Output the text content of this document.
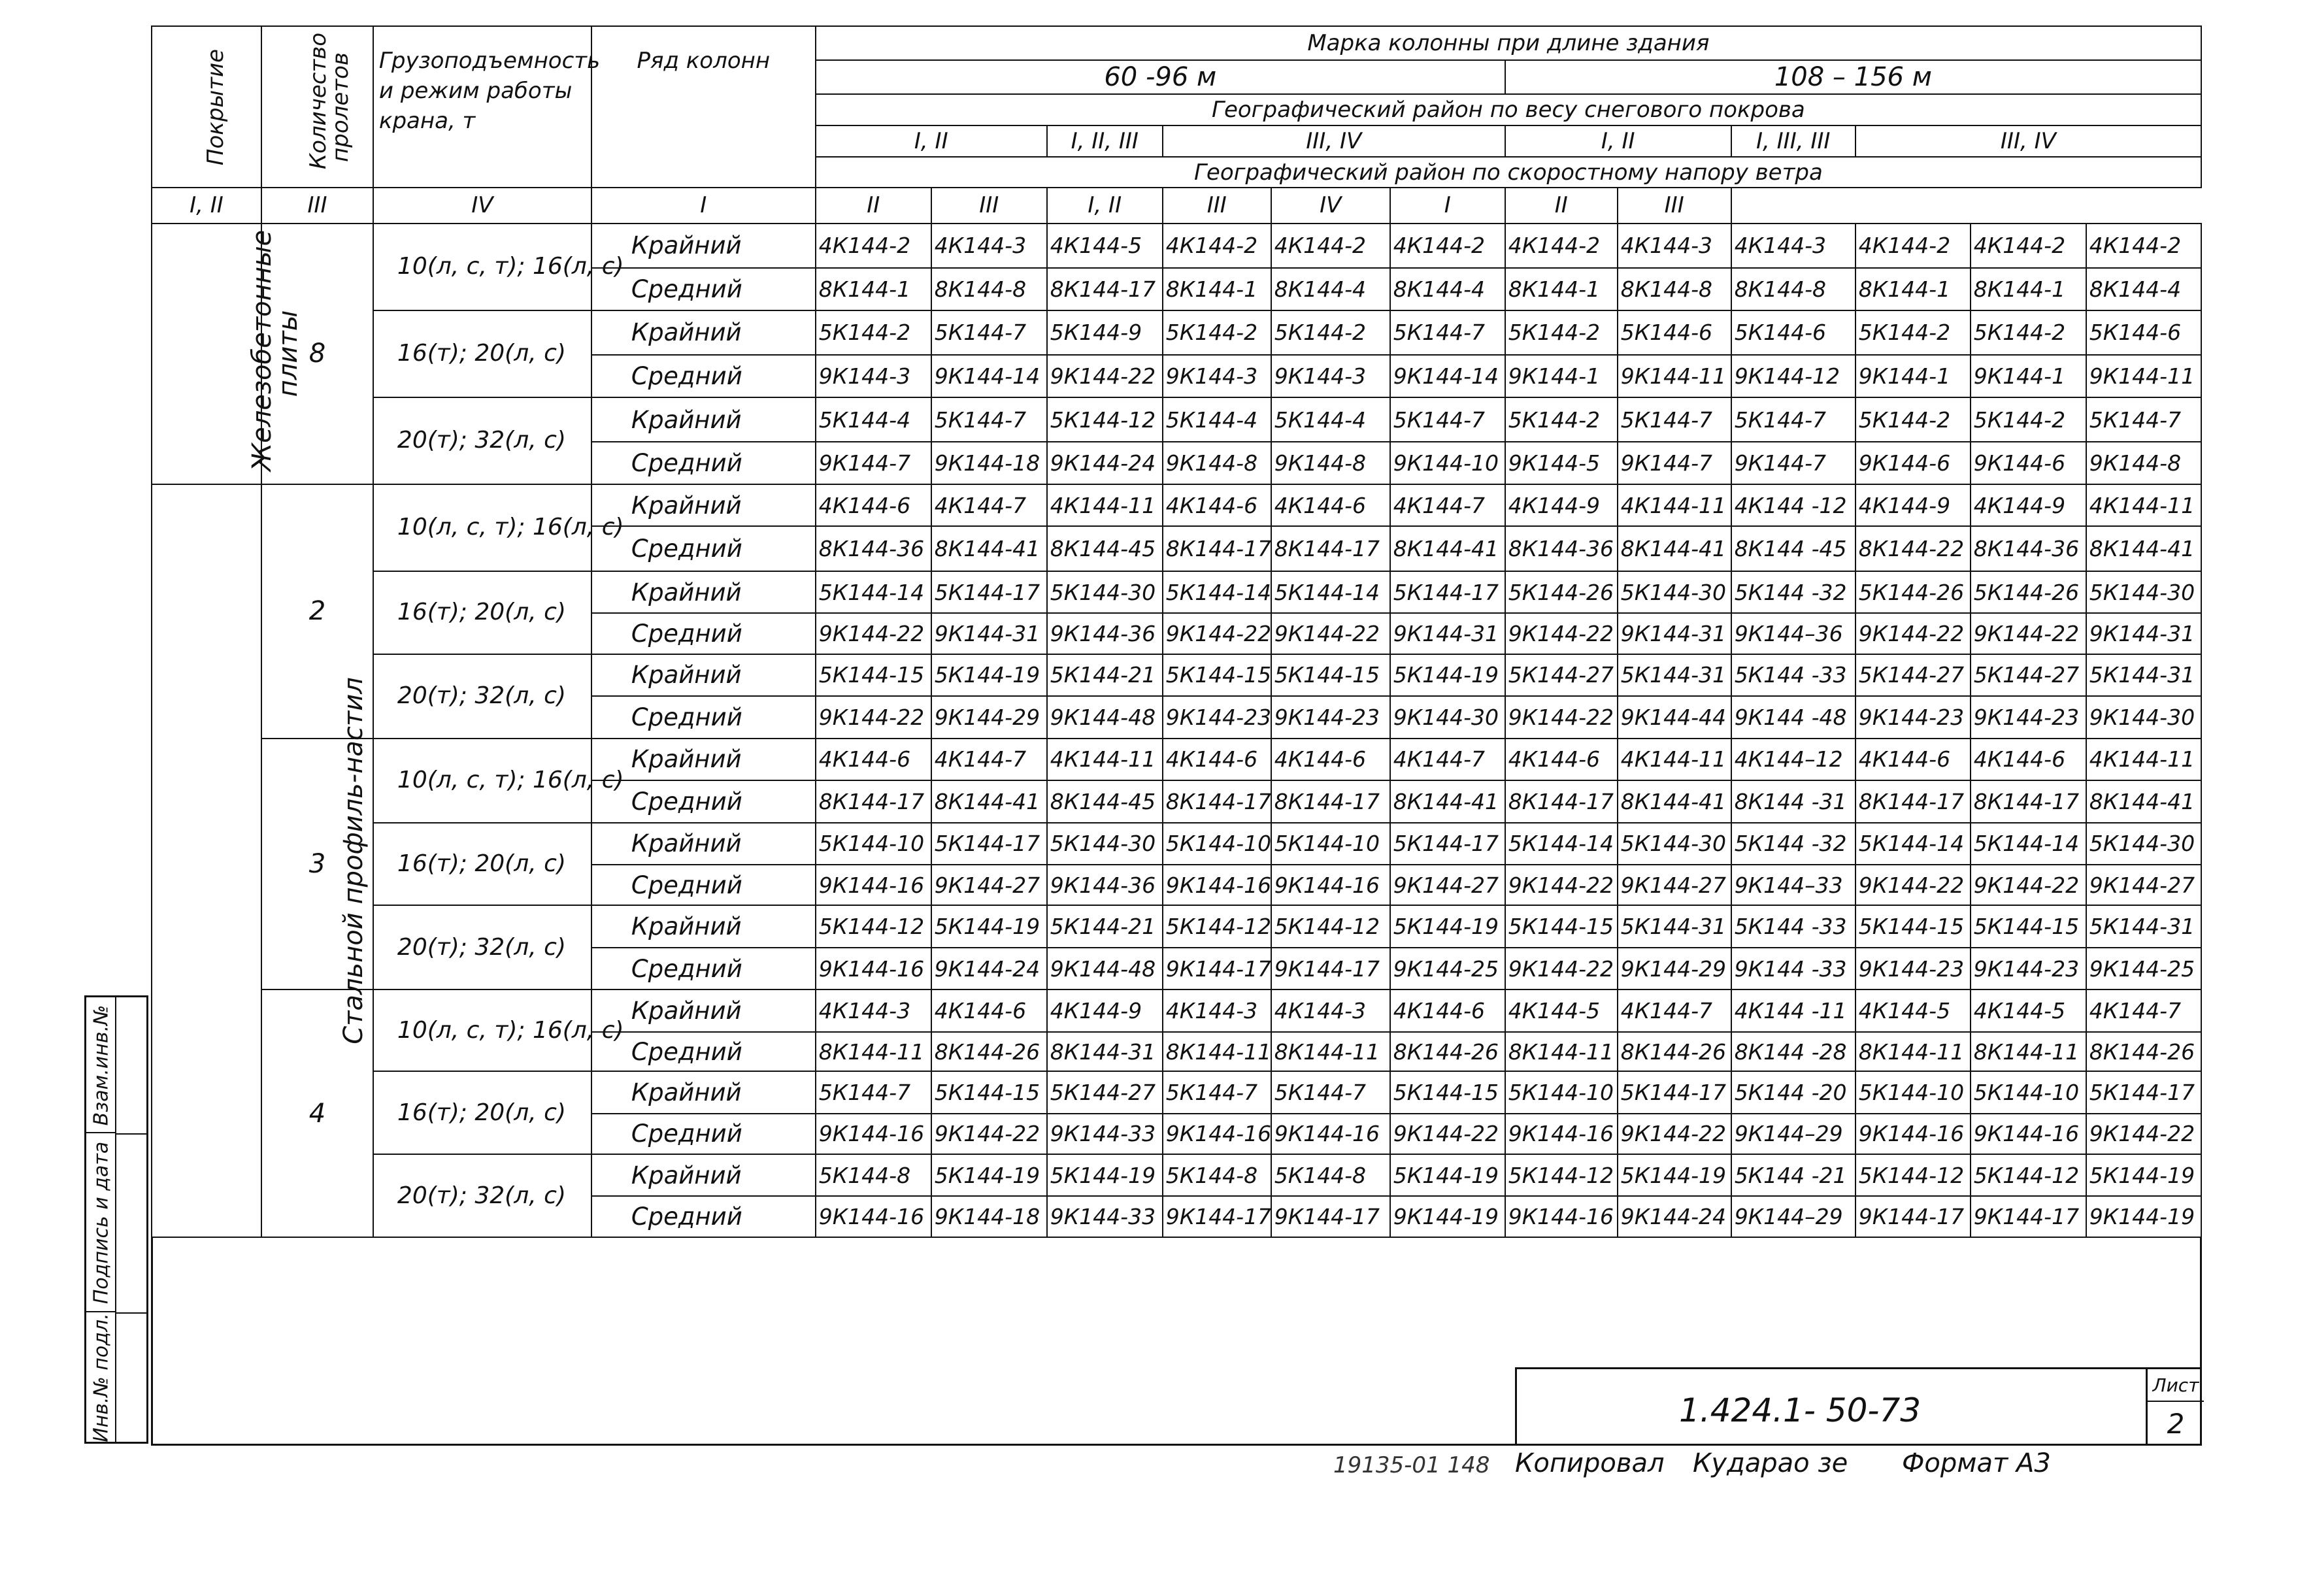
Покрытие	Количество пролетов	Грузоподъемность и режим работы крана, т	Ряд колонн	Марка колонны при длине здания											
				60 -96 м						108 – 156 м					
				Географический район по весу снегового покрова											
				I, II		I, II, III	III, IV			I, II		I, III, III	III, IV		
				Географический район по скоростному напору ветра											
I, II	III	IV	I	II	III	I, II	III	IV	I	II	III				
Железобетонные плиты	8	10(л, с, т); 16(л, с)	Крайний	4К144-2	4К144-3	4К144-5	4К144-2	4К144-2	4К144-2	4К144-2	4К144-3	4К144-3	4К144-2	4К144-2	4К144-2
			Средний	8К144-1	8К144-8	8К144-17	8К144-1	8К144-4	8К144-4	8К144-1	8К144-8	8К144-8	8К144-1	8К144-1	8К144-4
		16(т); 20(л, с)	Крайний	5К144-2	5К144-7	5К144-9	5К144-2	5К144-2	5К144-7	5К144-2	5К144-6	5К144-6	5К144-2	5К144-2	5К144-6
			Средний	9К144-3	9К144-14	9К144-22	9К144-3	9К144-3	9К144-14	9К144-1	9К144-11	9К144-12	9К144-1	9К144-1	9К144-11
		20(т); 32(л, с)	Крайний	5К144-4	5К144-7	5К144-12	5К144-4	5К144-4	5К144-7	5К144-2	5К144-7	5К144-7	5К144-2	5К144-2	5К144-7
			Средний	9К144-7	9К144-18	9К144-24	9К144-8	9К144-8	9К144-10	9К144-5	9К144-7	9К144-7	9К144-6	9К144-6	9К144-8
Стальной профиль-настил	2	10(л, с, т); 16(л, с)	Крайний	4К144-6	4К144-7	4К144-11	4К144-6	4К144-6	4К144-7	4К144-9	4К144-11	4К144 -12	4К144-9	4К144-9	4К144-11
			Средний	8К144-36	8К144-41	8К144-45	8К144-17	8К144-17	8К144-41	8К144-36	8К144-41	8К144 -45	8К144-22	8К144-36	8К144-41
		16(т); 20(л, с)	Крайний	5К144-14	5К144-17	5К144-30	5К144-14	5К144-14	5К144-17	5К144-26	5К144-30	5К144 -32	5К144-26	5К144-26	5К144-30
			Средний	9К144-22	9К144-31	9К144-36	9К144-22	9К144-22	9К144-31	9К144-22	9К144-31	9К144–36	9К144-22	9К144-22	9К144-31
		20(т); 32(л, с)	Крайний	5К144-15	5К144-19	5К144-21	5К144-15	5К144-15	5К144-19	5К144-27	5К144-31	5К144 -33	5К144-27	5К144-27	5К144-31
			Средний	9К144-22	9К144-29	9К144-48	9К144-23	9К144-23	9К144-30	9К144-22	9К144-44	9К144 -48	9К144-23	9К144-23	9К144-30
	3	10(л, с, т); 16(л, с)	Крайний	4К144-6	4К144-7	4К144-11	4К144-6	4К144-6	4К144-7	4К144-6	4К144-11	4К144–12	4К144-6	4К144-6	4К144-11
			Средний	8К144-17	8К144-41	8К144-45	8К144-17	8К144-17	8К144-41	8К144-17	8К144-41	8К144 -31	8К144-17	8К144-17	8К144-41
		16(т); 20(л, с)	Крайний	5К144-10	5К144-17	5К144-30	5К144-10	5К144-10	5К144-17	5К144-14	5К144-30	5К144 -32	5К144-14	5К144-14	5К144-30
			Средний	9К144-16	9К144-27	9К144-36	9К144-16	9К144-16	9К144-27	9К144-22	9К144-27	9К144–33	9К144-22	9К144-22	9К144-27
		20(т); 32(л, с)	Крайний	5К144-12	5К144-19	5К144-21	5К144-12	5К144-12	5К144-19	5К144-15	5К144-31	5К144 -33	5К144-15	5К144-15	5К144-31
			Средний	9К144-16	9К144-24	9К144-48	9К144-17	9К144-17	9К144-25	9К144-22	9К144-29	9К144 -33	9К144-23	9К144-23	9К144-25
	4	10(л, с, т); 16(л, с)	Крайний	4К144-3	4К144-6	4К144-9	4К144-3	4К144-3	4К144-6	4К144-5	4К144-7	4К144 -11	4К144-5	4К144-5	4К144-7
			Средний	8К144-11	8К144-26	8К144-31	8К144-11	8К144-11	8К144-26	8К144-11	8К144-26	8К144 -28	8К144-11	8К144-11	8К144-26
		16(т); 20(л, с)	Крайний	5К144-7	5К144-15	5К144-27	5К144-7	5К144-7	5К144-15	5К144-10	5К144-17	5К144 -20	5К144-10	5К144-10	5К144-17
			Средний	9К144-16	9К144-22	9К144-33	9К144-16	9К144-16	9К144-22	9К144-16	9К144-22	9К144–29	9К144-16	9К144-16	9К144-22
		20(т); 32(л, с)	Крайний	5К144-8	5К144-19	5К144-19	5К144-8	5К144-8	5К144-19	5К144-12	5К144-19	5К144 -21	5К144-12	5К144-12	5К144-19
			Средний	9К144-16	9К144-18	9К144-33	9К144-17	9К144-17	9К144-19	9К144-16	9К144-24	9К144–29	9К144-17	9К144-17	9К144-19
Взам.инв.№
Подпись и дата
Инв.№ подл.	1.424.1- 50-73
Лист
2
19135-01 148 Копировал Кударао зе Формат А3
